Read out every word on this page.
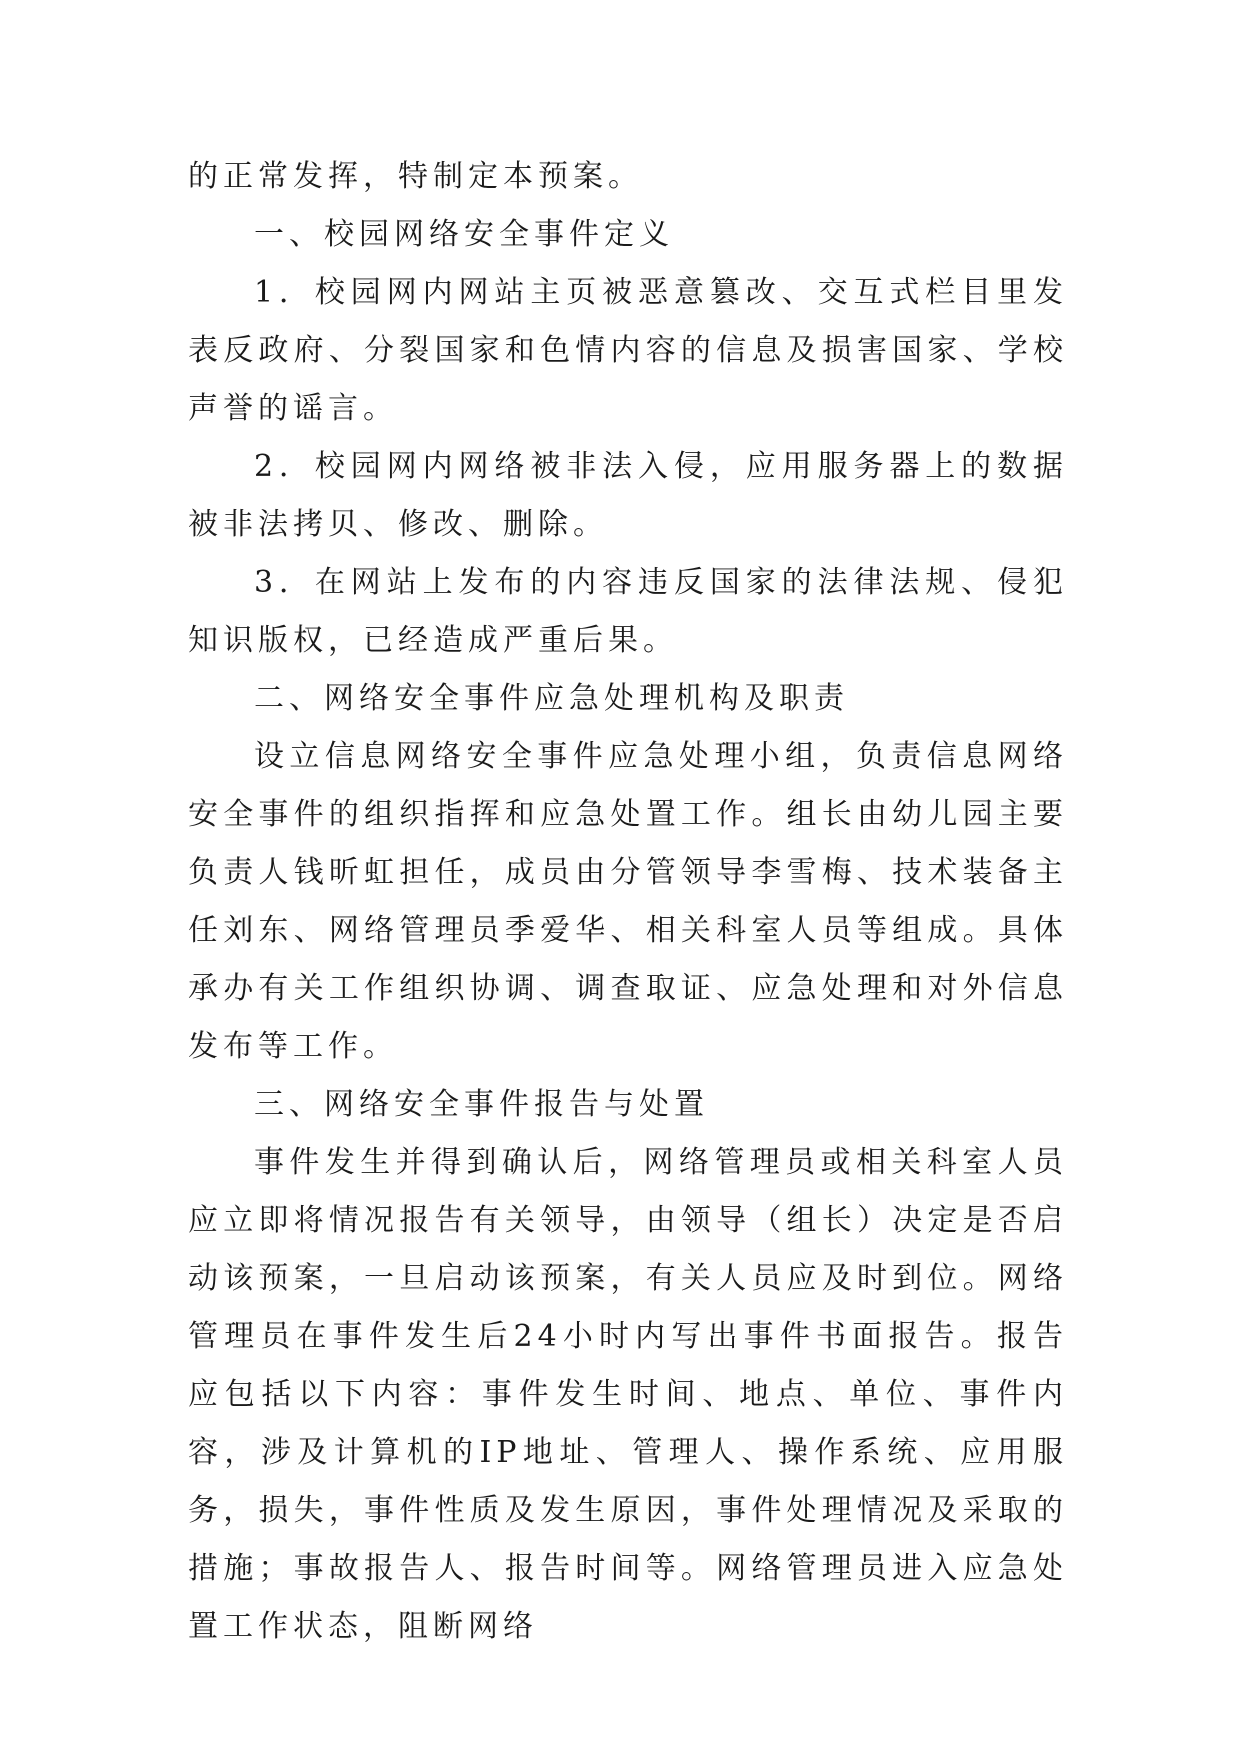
的正常发挥，特制定本预案。

一、校园网络安全事件定义

1．校园网内网站主页被恶意篡改、交互式栏目里发表反政府、分裂国家和色情内容的信息及损害国家、学校声誉的谣言。

2．校园网内网络被非法入侵，应用服务器上的数据被非法拷贝、修改、删除。

3．在网站上发布的内容违反国家的法律法规、侵犯知识版权，已经造成严重后果。

二、网络安全事件应急处理机构及职责

设立信息网络安全事件应急处理小组，负责信息网络安全事件的组织指挥和应急处置工作。组长由幼儿园主要负责人钱昕虹担任，成员由分管领导李雪梅、技术装备主任刘东、网络管理员季爱华、相关科室人员等组成。具体承办有关工作组织协调、调查取证、应急处理和对外信息发布等工作。

三、网络安全事件报告与处置

事件发生并得到确认后，网络管理员或相关科室人员应立即将情况报告有关领导，由领导（组长）决定是否启动该预案，一旦启动该预案，有关人员应及时到位。网络管理员在事件发生后24小时内写出事件书面报告。报告应包括以下内容：事件发生时间、地点、单位、事件内容，涉及计算机的IP地址、管理人、操作系统、应用服务，损失，事件性质及发生原因，事件处理情况及采取的措施；事故报告人、报告时间等。网络管理员进入应急处置工作状态，阻断网络
